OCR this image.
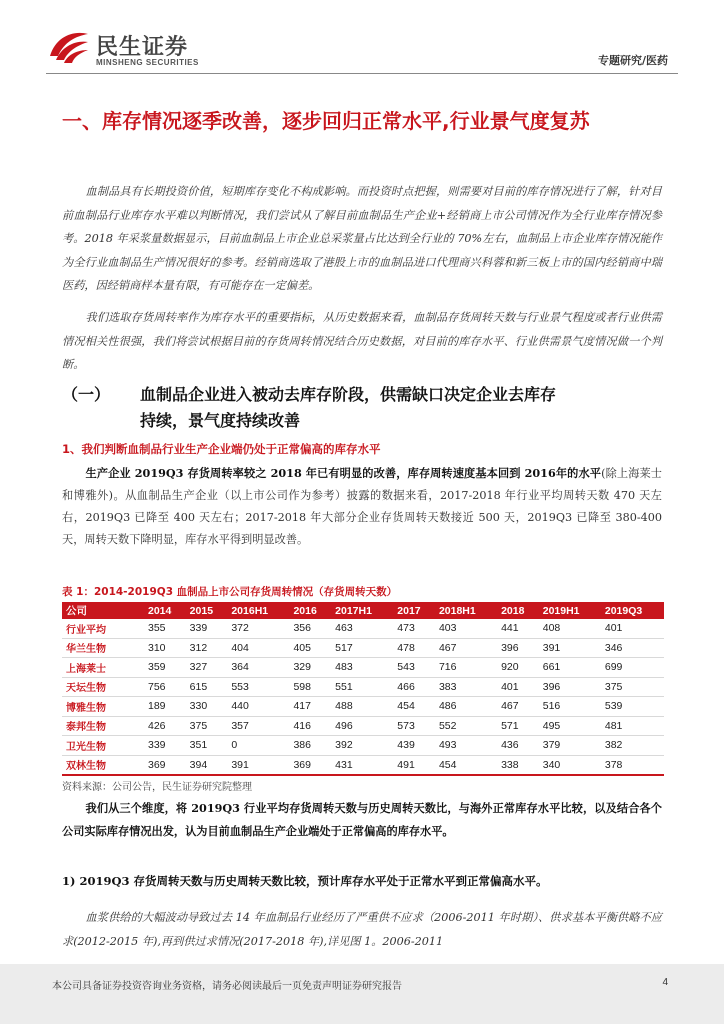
民生证券
MINSHENG SECURITIES	专题研究/医药
一、库存情况逐季改善，逐步回归正常水平,行业景气度复苏
血制品具有长期投资价值，短期库存变化不构成影响。而投资时点把握，则需要对目前的库存情况进行了解，针对目前血制品行业库存水平难以判断情况，我们尝试从了解目前血制品生产企业+经销商上市公司情况作为全行业库存情况参考。2018 年采浆量数据显示，目前血制品上市企业总采浆量占比达到全行业的 70%左右，血制品上市企业库存情况能作为全行业血制品生产情况很好的参考。经销商选取了港股上市的血制品进口代理商兴科蓉和新三板上市的国内经销商中瑞医药，因经销商样本量有限，有可能存在一定偏差。
我们选取存货周转率作为库存水平的重要指标，从历史数据来看，血制品存货周转天数与行业景气程度或者行业供需情况相关性很强，我们将尝试根据目前的存货周转情况结合历史数据，对目前的库存水平、行业供需景气度情况做一个判断。
（一） 血制品企业进入被动去库存阶段，供需缺口决定企业去库存
持续，景气度持续改善
1、我们判断血制品行业生产企业端仍处于正常偏高的库存水平
生产企业 2019Q3 存货周转率较之 2018 年已有明显的改善，库存周转速度基本回到 2016年的水平(除上海莱士和博雅外)。从血制品生产企业（以上市公司作为参考）披露的数据来看，2017-2018 年行业平均周转天数 470 天左右，2019Q3 已降至 400 天左右；2017-2018 年大部分企业存货周转天数接近 500 天，2019Q3 已降至 380-400 天，周转天数下降明显，库存水平得到明显改善。
表 1：2014-2019Q3 血制品上市公司存货周转情况（存货周转天数）
公司	2014	2015	2016H1	2016	2017H1	2017	2018H1	2018	2019H1	2019Q3
行业平均	355	339	372	356	463	473	403	441	408	401
华兰生物	310	312	404	405	517	478	467	396	391	346
上海莱士	359	327	364	329	483	543	716	920	661	699
天坛生物	756	615	553	598	551	466	383	401	396	375
博雅生物	189	330	440	417	488	454	486	467	516	539
泰邦生物	426	375	357	416	496	573	552	571	495	481
卫光生物	339	351	0	386	392	439	493	436	379	382
双林生物	369	394	391	369	431	491	454	338	340	378
资料来源：公司公告，民生证券研究院整理
我们从三个维度，将 2019Q3 行业平均存货周转天数与历史周转天数比，与海外正常库存水平比较，以及结合各个公司实际库存情况出发，认为目前血制品生产企业端处于正常偏高的库存水平。
1) 2019Q3 存货周转天数与历史周转天数比较，预计库存水平处于正常水平到正常偏高水平。
血浆供给的大幅波动导致过去 14 年血制品行业经历了严重供不应求（2006-2011 年时期）、供求基本平衡供略不应求(2012-2015 年),再到供过求情况(2017-2018 年),详见图 1。2006-2011
本公司具备证券投资咨询业务资格，请务必阅读最后一页免责声明证券研究报告	4
